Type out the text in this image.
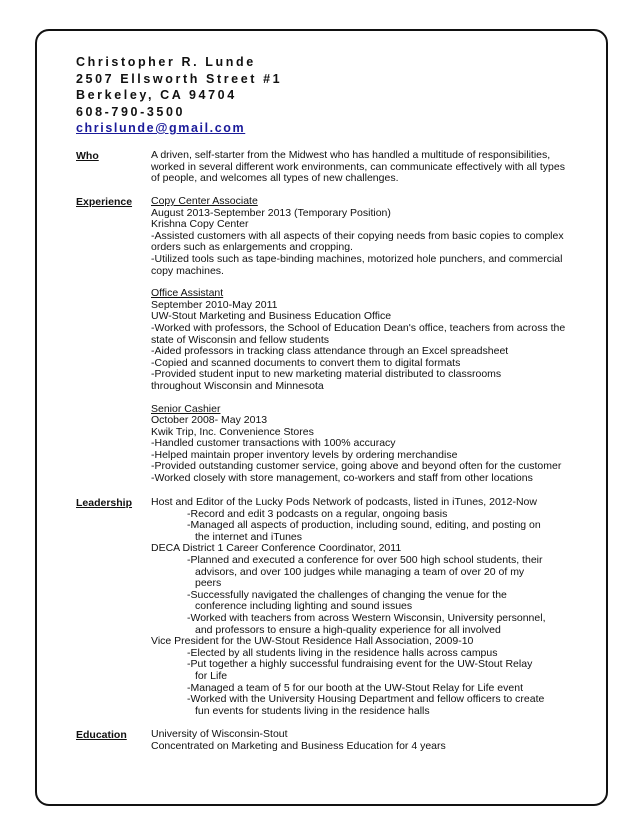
Christopher R. Lunde
2507 Ellsworth Street #1
Berkeley, CA 94704
608-790-3500
chrislunde@gmail.com
Who	A driven, self-starter from the Midwest who has handled a multitude of responsibilities,
worked in several different work environments, can communicate effectively with all types
of people, and welcomes all types of new challenges.
Experience Copy Center Associate
August 2013-September 2013 (Temporary Position)
Krishna Copy Center
-Assisted customers with all aspects of their copying needs from basic copies to complex
orders such as enlargements and cropping.
-Utilized tools such as tape-binding machines, motorized hole punchers, and commercial
copy machines.
Office Assistant
September 2010-May 2011
UW-Stout Marketing and Business Education Office
-Worked with professors, the School of Education Dean's office, teachers from across the
state of Wisconsin and fellow students
-Aided professors in tracking class attendance through an Excel spreadsheet
-Copied and scanned documents to convert them to digital formats
-Provided student input to new marketing material distributed to classrooms
throughout Wisconsin and Minnesota
Senior Cashier
October 2008- May 2013
Kwik Trip, Inc. Convenience Stores
-Handled customer transactions with 100% accuracy
-Helped maintain proper inventory levels by ordering merchandise
-Provided outstanding customer service, going above and beyond often for the customer
-Worked closely with store management, co-workers and staff from other locations
Leadership Host and Editor of the Lucky Pods Network of podcasts, listed in iTunes, 2012-Now
-Record and edit 3 podcasts on a regular, ongoing basis
-Managed all aspects of production, including sound, editing, and posting on
the internet and iTunes
DECA District 1 Career Conference Coordinator, 2011
-Planned and executed a conference for over 500 high school students, their
advisors, and over 100 judges while managing a team of over 20 of my
peers
-Successfully navigated the challenges of changing the venue for the
conference including lighting and sound issues
-Worked with teachers from across Western Wisconsin, University personnel,
and professors to ensure a high-quality experience for all involved
Vice President for the UW-Stout Residence Hall Association, 2009-10
-Elected by all students living in the residence halls across campus
-Put together a highly successful fundraising event for the UW-Stout Relay
for Life
-Managed a team of 5 for our booth at the UW-Stout Relay for Life event
-Worked with the University Housing Department and fellow officers to create
fun events for students living in the residence halls
Education University of Wisconsin-Stout
Concentrated on Marketing and Business Education for 4 years
